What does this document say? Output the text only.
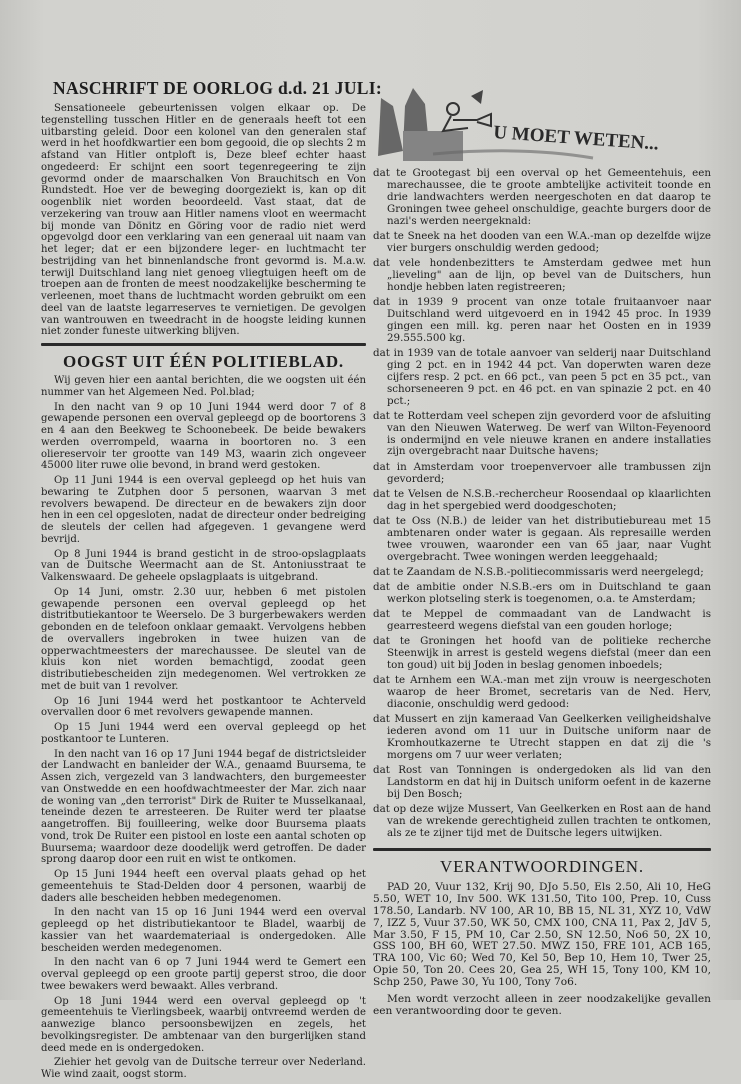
NASCHRIFT DE OORLOG d.d. 21 JULI:

Sensationeele gebeurtenissen volgen elkaar op. De tegenstelling tusschen Hitler en de generaals heeft tot een uitbarsting geleid. Door een kolonel van den generalen staf werd in het hoofdkwartier een bom gegooid, die op slechts 2 m afstand van Hitler ontploft is, Deze bleef echter haast ongedeerd: Er schijnt een soort tegenregeering te zijn gevormd onder de maarschalken Von Brauchitsch en Von Rundstedt. Hoe ver de beweging doorgeziekt is, kan op dit oogenblik niet worden beoordeeld. Vast staat, dat de verzekering van trouw aan Hitler namens vloot en weermacht bij monde van Dönitz en Göring voor de radio niet werd opgevolgd door een verklaring van een generaal uit naam van het leger; dat er een bijzondere leger- en luchtmacht ter bestrijding van het binnenlandsche front gevormd is. M.a.w. terwijl Duitschland lang niet genoeg vliegtuigen heeft om de troepen aan de fronten de meest noodzakelijke bescherming te verleenen, moet thans de luchtmacht worden gebruikt om een deel van de laatste legarreserves te vernietigen. De gevolgen van wantrouwen en tweedracht in de hoogste leiding kunnen niet zonder funeste uitwerking blijven.

OOGST UIT ÉÉN POLITIEBLAD.

Wij geven hier een aantal berichten, die we oogsten uit één nummer van het Algemeen Ned. Pol.blad;

In den nacht van 9 op 10 Juni 1944 werd door 7 of 8 gewapende personen een overval gepleegd op de boortorens 3 en 4 aan den Beekweg te Schoonebeek. De beide bewakers werden overrompeld, waarna in boortoren no. 3 een oliereservoir ter grootte van 149 M3, waarin zich ongeveer 45000 liter ruwe olie bevond, in brand werd gestoken.

Op 11 Juni 1944 is een overval gepleegd op het huis van bewaring te Zutphen door 5 personen, waarvan 3 met revolvers bewapend. De directeur en de bewakers zijn door hen in een cel opgesloten, nadat de directeur onder bedreiging de sleutels der cellen had afgegeven. 1 gevangene werd bevrijd.

Op 8 Juni 1944 is brand gesticht in de stroo-opslagplaats van de Duitsche Weermacht aan de St. Antoniusstraat te Valkenswaard. De geheele opslagplaats is uitgebrand.

Op 14 Juni, omstr. 2.30 uur, hebben 6 met pistolen gewapende personen een overval gepleegd op het distritbutiekantoor te Weerselo. De 3 burgerbewakers werden gebonden en de telefoon onklaar gemaakt. Vervolgens hebben de overvallers ingebroken in twee huizen van de opperwachtmeesters der marechaussee. De sleutel van de kluis kon niet worden bemachtigd, zoodat geen distributiebescheiden zijn medegenomen. Wel vertrokken ze met de buit van 1 revolver.

Op 16 Juni 1944 werd het postkantoor te Achterveld overvallen door 6 met revolvers gewapende mannen.

Op 15 Juni 1944 werd een overval gepleegd op het postkantoor te Lunteren.

In den nacht van 16 op 17 Juni 1944 begaf de districtsleider der Landwacht en banleider der W.A., genaamd Buursema, te Assen zich, vergezeld van 3 landwachters, den burgemeester van Onstwedde en een hoofdwachtmeester der Mar. zich naar de woning van „den terrorist" Dirk de Ruiter te Musselkanaal, teneinde dezen te arresteeren. De Ruiter werd ter plaatse aangetroffen. Bij fouilleering, welke door Buursema plaats vond, trok De Ruiter een pistool en loste een aantal schoten op Buursema; waardoor deze doodelijk werd getroffen. De dader sprong daarop door een ruit en wist te ontkomen.

Op 15 Juni 1944 heeft een overval plaats gehad op het gemeentehuis te Stad-Delden door 4 personen, waarbij de daders alle bescheiden hebben medegenomen.

In den nacht van 15 op 16 Juni 1944 werd een overval gepleegd op het distributiekantoor te Bladel, waarbij de kassier van het waardemateriaal is ondergedoken. Alle bescheiden werden medegenomen.

In den nacht van 6 op 7 Juni 1944 werd te Gemert een overval gepleegd op een groote partij geperst stroo, die door twee bewakers werd bewaakt. Alles verbrand.

Op 18 Juni 1944 werd een overval gepleegd op 't gemeentehuis te Vierlingsbeek, waarbij ontvreemd werden de aanwezige blanco persoonsbewijzen en zegels, het bevolkingsregister. De ambtenaar van den burgerlijken stand deed mede en is ondergedoken.

Ziehier het gevolg van de Duitsche terreur over Nederland. Wie wind zaait, oogst storm.

U MOET WETEN...
dat te Grootegast bij een overval op het Gemeentehuis, een marechaussee, die te groote ambtelijke activiteit toonde en drie landwachters werden neergeschoten en dat daarop te Groningen twee geheel onschuldige, geachte burgers door de nazi's werden neergeknald:
dat te Sneek na het dooden van een W.A.-man op dezelfde wijze vier burgers onschuldig werden gedood;
dat vele hondenbezitters te Amsterdam gedwee met hun „lieveling" aan de lijn, op bevel van de Duitschers, hun hondje hebben laten registreeren;
dat in 1939 9 procent van onze totale fruitaanvoer naar Duitschland werd uitgevoerd en in 1942 45 proc. In 1939 gingen een mill. kg. peren naar het Oosten en in 1939 29.555.500 kg.
dat in 1939 van de totale aanvoer van selderij naar Duitschland ging 2 pct. en in 1942 44 pct. Van doperwten waren deze cijfers resp. 2 pct. en 66 pct., van peen 5 pct en 35 pct., van schorseneeren 9 pct. en 46 pct. en van spinazie 2 pct. en 40 pct.;
dat te Rotterdam veel schepen zijn gevorderd voor de afsluiting van den Nieuwen Waterweg. De werf van Wilton-Feyenoord is ondermijnd en vele nieuwe kranen en andere installaties zijn overgebracht naar Duitsche havens;
dat in Amsterdam voor troepenvervoer alle trambussen zijn gevorderd;
dat te Velsen de N.S.B.-rechercheur Roosendaal op klaarlichten dag in het spergebied werd doodgeschoten;
dat te Oss (N.B.) de leider van het distributiebureau met 15 ambtenaren onder water is gegaan. Als represaille werden twee vrouwen, waaronder een van 65 jaar, naar Vught overgebracht. Twee woningen werden leeggehaald;
dat te Zaandam de N.S.B.-politiecommissaris werd neergelegd;
dat de ambitie onder N.S.B.-ers om in Duitschland te gaan werkon plotseling sterk is toegenomen, o.a. te Amsterdam;
dat te Meppel de commaadant van de Landwacht is gearresteerd wegens diefstal van een gouden horloge;
dat te Groningen het hoofd van de politieke recherche Steenwijk in arrest is gesteld wegens diefstal (meer dan een ton goud) uit bij Joden in beslag genomen inboedels;
dat te Arnhem een W.A.-man met zijn vrouw is neergeschoten waarop de heer Bromet, secretaris van de Ned. Herv, diaconie, onschuldig werd gedood:
dat Mussert en zijn kameraad Van Geelkerken veiligheidshalve iederen avond om 11 uur in Duitsche uniform naar de Kromhoutkazerne te Utrecht stappen en dat zij die 's morgens om 7 uur weer verlaten;
dat Rost van Tonningen is ondergedoken als lid van den Landstorm en dat hij in Duitsch uniform oefent in de kazerne bij Den Bosch;
dat op deze wijze Mussert, Van Geelkerken en Rost aan de hand van de wrekende gerechtigheid zullen trachten te ontkomen, als ze te zijner tijd met de Duitsche legers uitwijken.
VERANTWOORDINGEN.

PAD 20, Vuur 132, Krij 90, DJo 5.50, Els 2.50, Ali 10, HeG 5.50, WET 10, Inv 500. WK 131.50, Tito 100, Prep. 10, Cuss 178.50, Landarb. NV 100, AR 10, BB 15, NL 31, XYZ 10, VdW 7, IZZ 5, Vuur 37.50, WK 50, CMX 100, CNA 11, Pax 2, JdV 5, Mar 3.50, F 15, PM 10, Car 2.50, SN 12.50, No6 50, 2X 10, GSS 100, BH 60, WET 27.50. MWZ 150, FRE 101, ACB 165, TRA 100, Vic 60; Wed 70, Kel 50, Bep 10, Hem 10, Twer 25, Opie 50, Ton 20. Cees 20, Gea 25, WH 15, Tony 100, KM 10, Schp 250, Pawe 30, Yu 100, Tony 7o6.

Men wordt verzocht alleen in zeer noodzakelijke gevallen een verantwoording door te geven.
